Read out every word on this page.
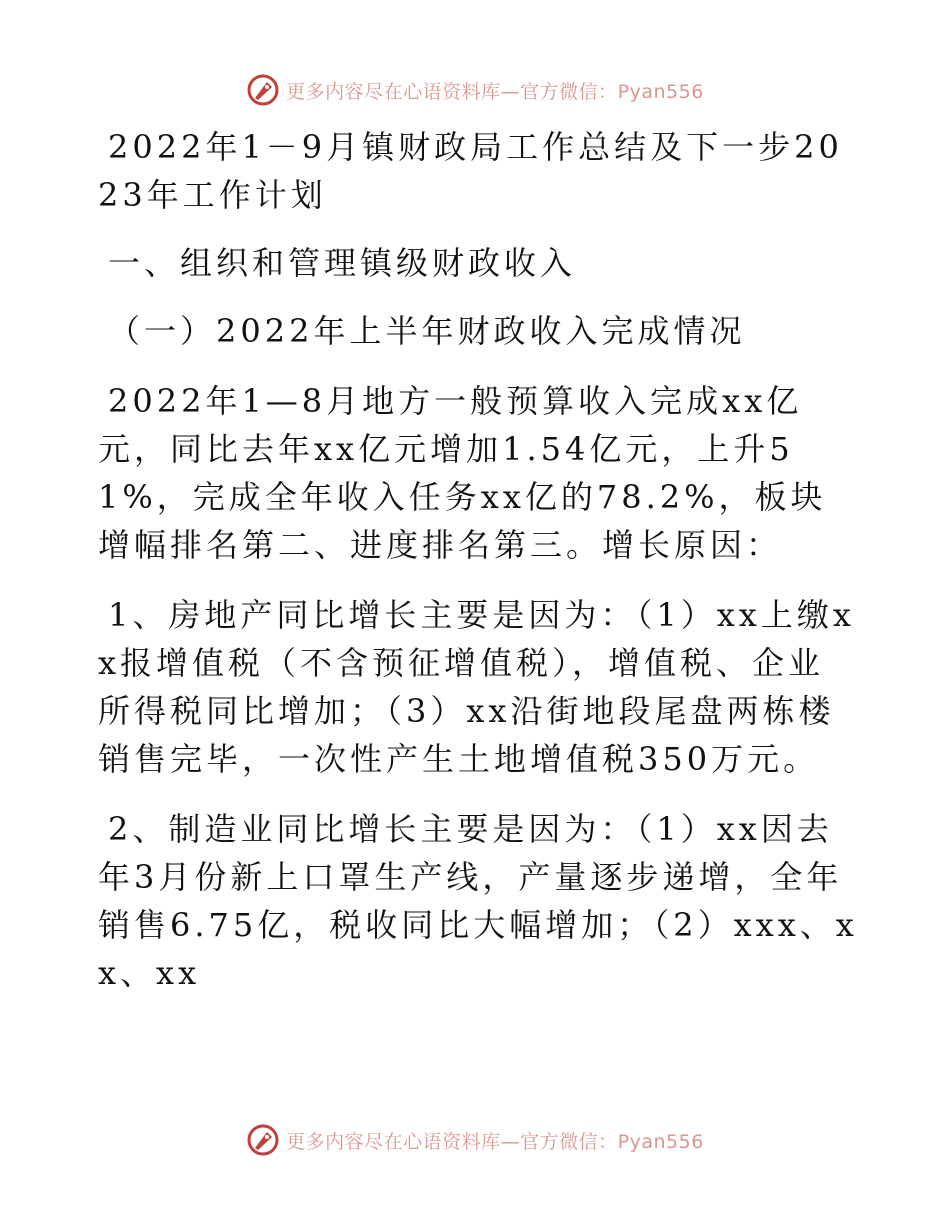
更多内容尽在心语资料库—官方微信：Pyan556

2022年1－9月镇财政局工作总结及下一步2023年工作计划

一、组织和管理镇级财政收入

（一）2022年上半年财政收入完成情况

2022年1—8月地方一般预算收入完成xx亿元，同比去年xx亿元增加1.54亿元，上升51%，完成全年收入任务xx亿的78.2%，板块增幅排名第二、进度排名第三。增长原因：

1、房地产同比增长主要是因为：（1）xx上缴xx报增值税（不含预征增值税），增值税、企业所得税同比增加；（3）xx沿街地段尾盘两栋楼销售完毕，一次性产生土地增值税350万元。

2、制造业同比增长主要是因为：（1）xx因去年3月份新上口罩生产线，产量逐步递增，全年销售6.75亿，税收同比大幅增加；（2）xxx、xx、xx

更多内容尽在心语资料库—官方微信：Pyan556
